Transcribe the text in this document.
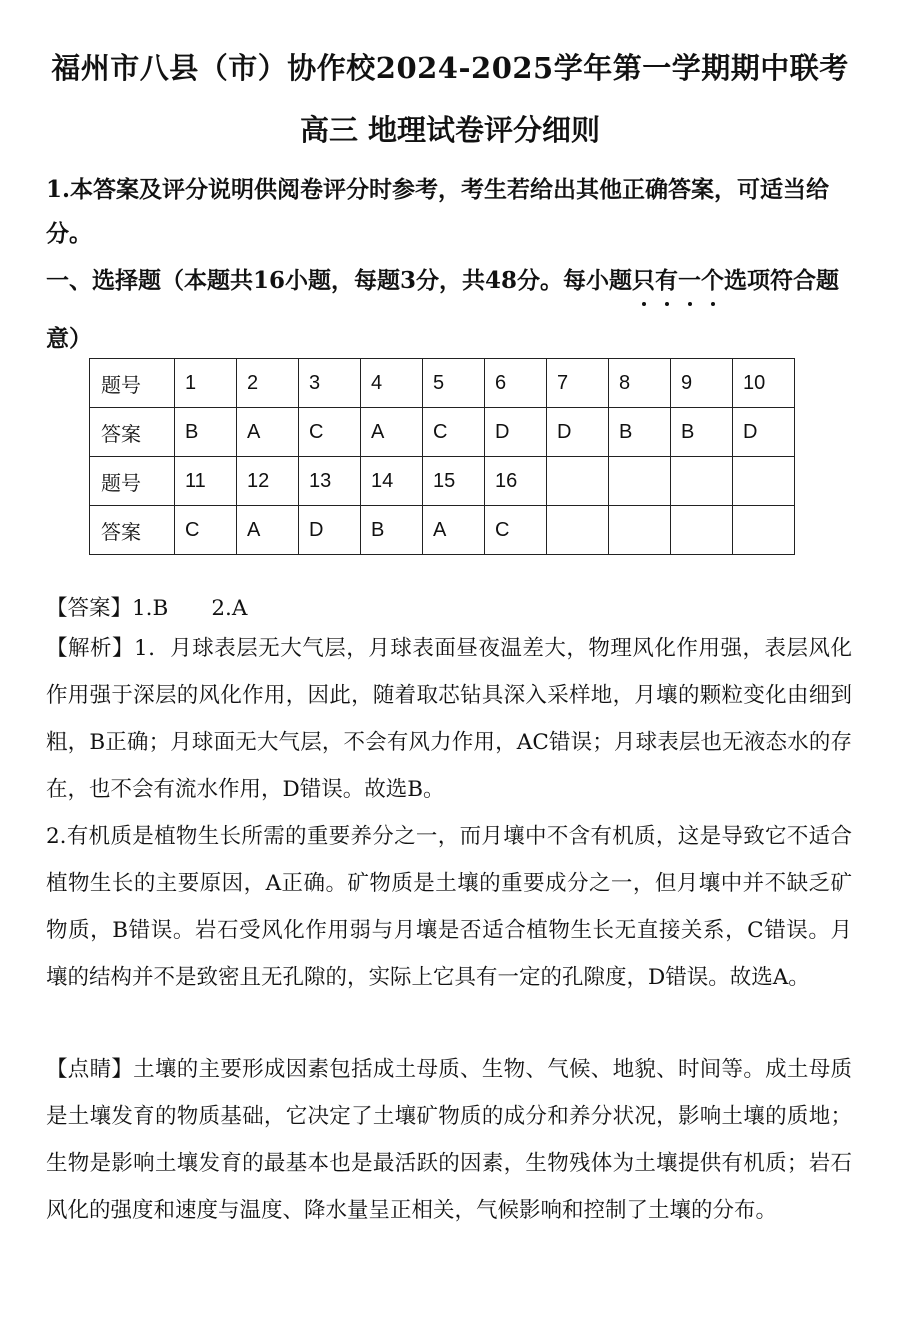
福州市八县（市）协作校2024-2025学年第一学期期中联考
高三 地理试卷评分细则
1.本答案及评分说明供阅卷评分时参考，考生若给出其他正确答案，可适当给分。
一、选择题（本题共16小题，每题3分，共48分。每小题只有一个选项符合题意）
题号	1	2	3	4	5	6	7	8	9	10
答案	B	A	C	A	C	D	D	B	B	D
题号	11	12	13	14	15	16				
答案	C	A	D	B	A	C				
【答案】1.B　　2.A
【解析】1．月球表层无大气层，月球表面昼夜温差大，物理风化作用强，表层风化作用强于深层的风化作用，因此，随着取芯钻具深入采样地，月壤的颗粒变化由细到粗，B正确；月球面无大气层，不会有风力作用，AC错误；月球表层也无液态水的存在，也不会有流水作用，D错误。故选B。
2.有机质是植物生长所需的重要养分之一，而月壤中不含有机质，这是导致它不适合植物生长的主要原因，A正确。矿物质是土壤的重要成分之一，但月壤中并不缺乏矿物质，B错误。岩石受风化作用弱与月壤是否适合植物生长无直接关系，C错误。月壤的结构并不是致密且无孔隙的，实际上它具有一定的孔隙度，D错误。故选A。
【点睛】土壤的主要形成因素包括成土母质、生物、气候、地貌、时间等。成土母质是土壤发育的物质基础，它决定了土壤矿物质的成分和养分状况，影响土壤的质地；生物是影响土壤发育的最基本也是最活跃的因素，生物残体为土壤提供有机质；岩石风化的强度和速度与温度、降水量呈正相关，气候影响和控制了土壤的分布。
